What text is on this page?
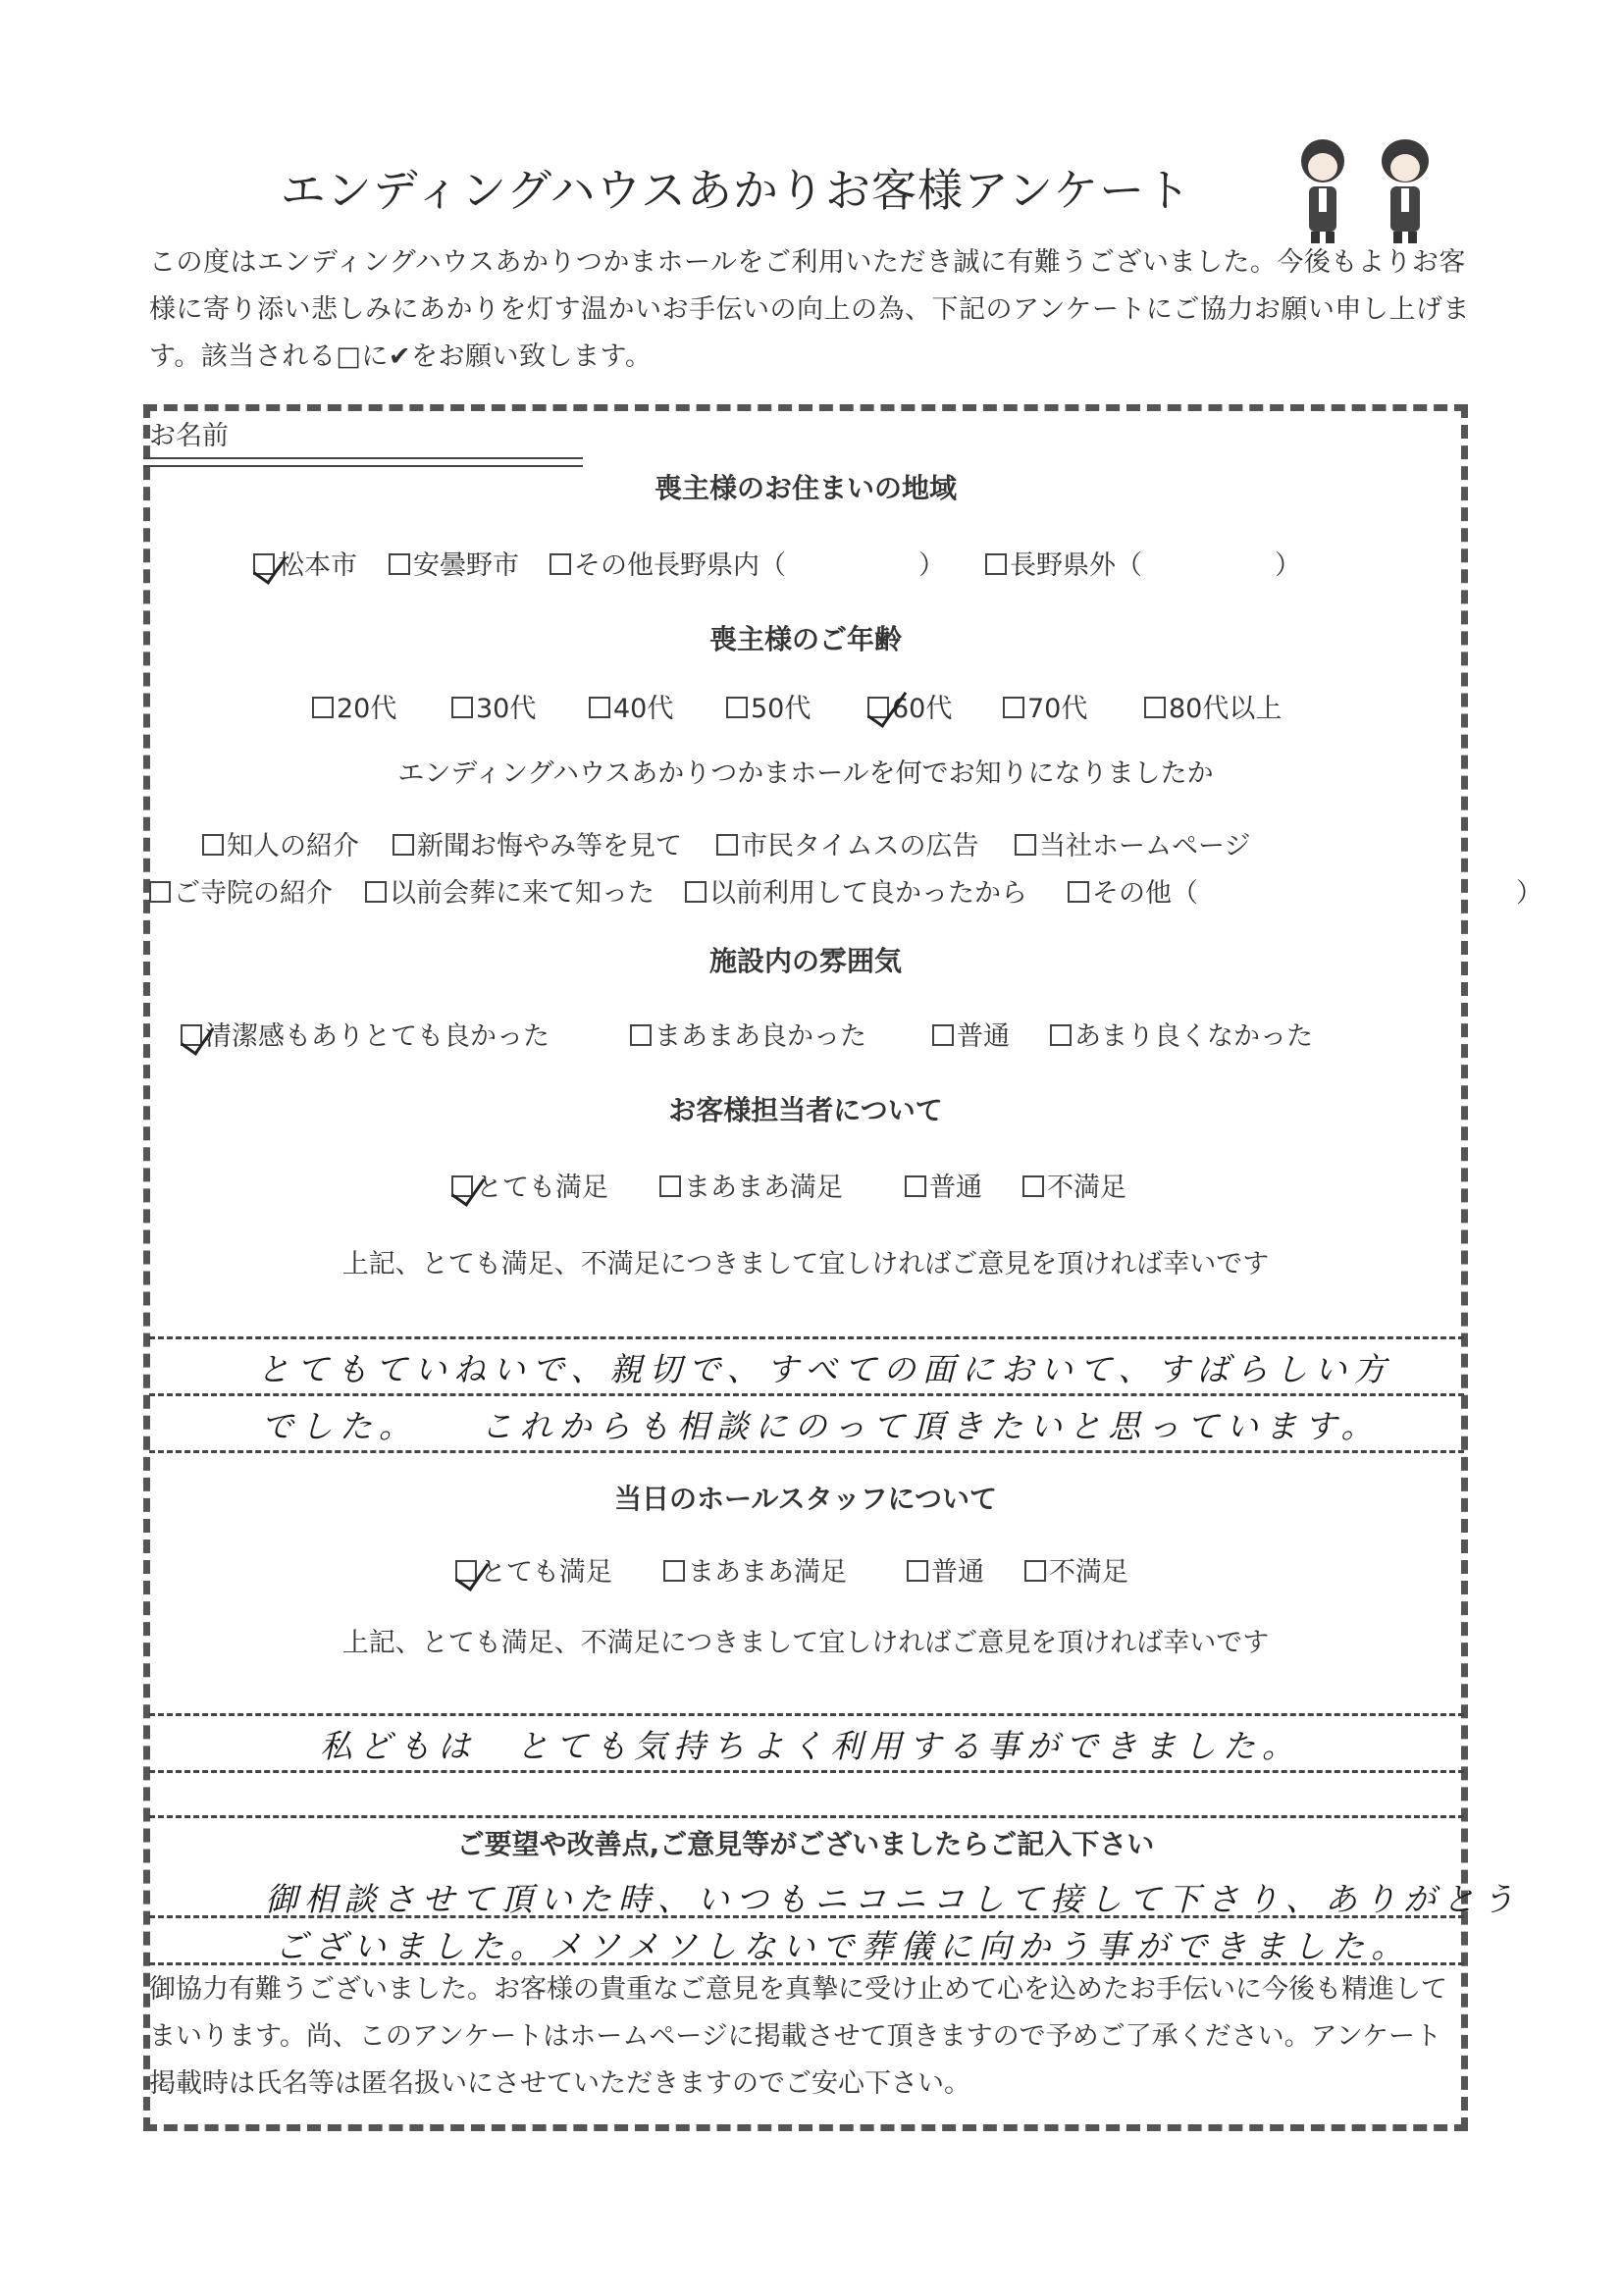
エンディングハウスあかりお客様アンケート
この度はエンディングハウスあかりつかまホールをご利用いただき誠に有難うございました。今後もよりお客様に寄り添い悲しみにあかりを灯す温かいお手伝いの向上の為、下記のアンケートにご協力お願い申し上げます。該当される□に✔をお願い致します。
お名前
喪主様のお住まいの地域
松本市	安曇野市	その他長野県内（　　　　　）	長野県外（　　　　　）
喪主様のご年齢
20代	30代	40代	50代	60代	70代	80代以上
エンディングハウスあかりつかまホールを何でお知りになりましたか
知人の紹介	新聞お悔やみ等を見て	市民タイムスの広告	当社ホームページ
ご寺院の紹介	以前会葬に来て知った	以前利用して良かったから	その他（　　　　　　　　　　　　）
施設内の雰囲気
清潔感もありとても良かった	まあまあ良かった	普通	あまり良くなかった
お客様担当者について
とても満足	まあまあ満足	普通	不満足
上記、とても満足、不満足につきまして宜しければご意見を頂ければ幸いです
とてもていねいで、親切で、すべての面において、すばらしい方
でした。　　これからも相談にのって頂きたいと思っています。
当日のホールスタッフについて
とても満足	まあまあ満足	普通	不満足
上記、とても満足、不満足につきまして宜しければご意見を頂ければ幸いです
私どもは　とても気持ちよく利用する事ができました。
ご要望や改善点,ご意見等がございましたらご記入下さい
御相談させて頂いた時、いつもニコニコして接して下さり、ありがとう
ございました。メソメソしないで葬儀に向かう事ができました。
御協力有難うございました。お客様の貴重なご意見を真摯に受け止めて心を込めたお手伝いに今後も精進してまいります。尚、このアンケートはホームページに掲載させて頂きますので予めご了承ください。アンケート掲載時は氏名等は匿名扱いにさせていただきますのでご安心下さい。
